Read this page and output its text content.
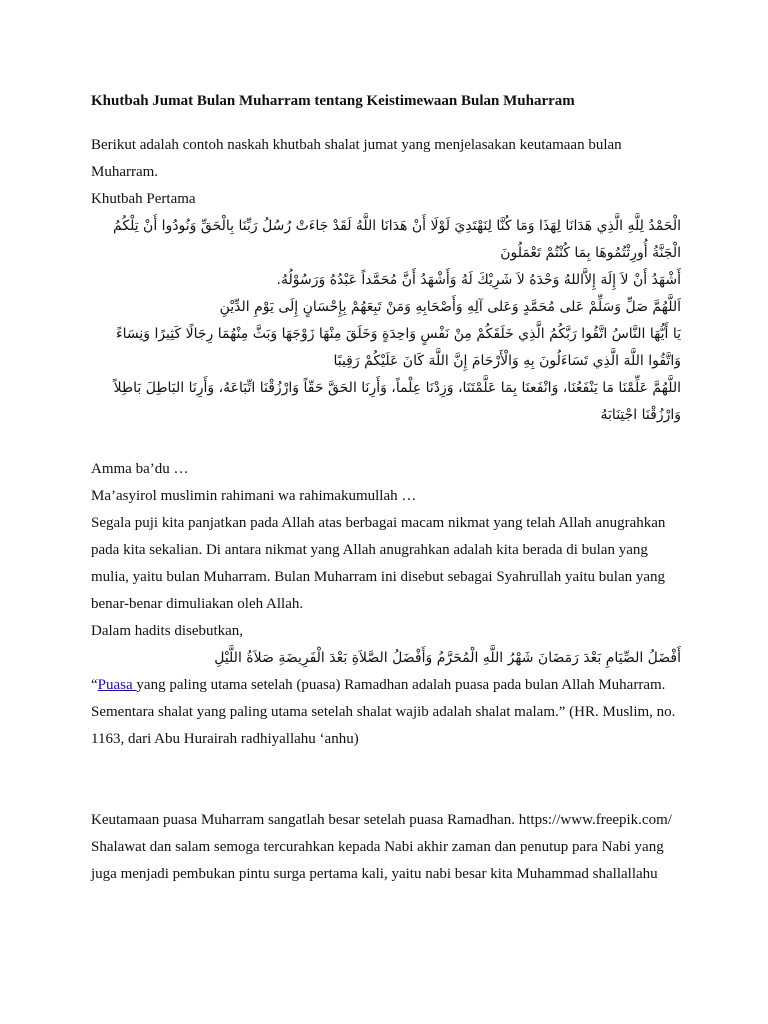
Khutbah Jumat Bulan Muharram tentang Keistimewaan Bulan Muharram

Berikut adalah contoh naskah khutbah shalat jumat yang menjelasakan keutamaan bulan Muharram.

Khutbah Pertama

الْحَمْدُ لِلَّهِ الَّذِي هَدَانَا لِهَذَا وَمَا كُنَّا لِنَهْتَدِيَ لَوْلَا أَنْ هَدَانَا اللَّهُ لَقَدْ جَاءَتْ رُسُلُ رَبِّنَا بِالْحَقِّ وَنُودُوا أَنْ تِلْكُمُ الْجَنَّةُ أُورِثْتُمُوهَا بِمَا كُنْتُمْ تَعْمَلُونَ

أَشْهَدُ أَنْ لاَ إِلَهَ إِلاَّاللهُ وَحْدَهُ لاَ شَرِيْكَ لَهُ وَأَشْهَدُ أَنَّ مُحَمَّداً عَبْدُهُ وَرَسُوْلُهُ.

اَللَّهُمَّ صَلِّ وَسَلِّمْ عَلى مُحَمَّدٍ وَعَلى آلِهِ وَأَصْحَابِهِ وَمَنْ تَبِعَهُمْ بِإِحْسَانٍ إِلَى يَوْمِ الدِّيْنِ

يَا أَيُّهَا النَّاسُ اتَّقُوا رَبَّكُمُ الَّذِي خَلَقَكُمْ مِنْ نَفْسٍ وَاحِدَةٍ وَخَلَقَ مِنْهَا زَوْجَهَا وَبَثَّ مِنْهُمَا رِجَالًا كَثِيرًا وَنِسَاءً وَاتَّقُوا اللَّهَ الَّذِي تَسَاءَلُونَ بِهِ وَالْأَرْحَامَ إِنَّ اللَّهَ كَانَ عَلَيْكُمْ رَقِيبًا

اللَّهُمَّ عَلِّمْنَا مَا يَنْفَعُنَا، وَانْفَعنَا بِمَا عَلَّمْتَنَا، وَزِدْنَا عِلْماً، وَأَرِنَا الحَقَّ حَقّاً وَارْزُقْنَا اتِّبَاعَهُ، وَأَرِنَا البَاطِلَ بَاطِلاً وَارْزُقْنَا اجْتِنَابَهُ

Amma ba’du …

Ma’asyirol muslimin rahimani wa rahimakumullah …

Segala puji kita panjatkan pada Allah atas berbagai macam nikmat yang telah Allah anugrahkan pada kita sekalian. Di antara nikmat yang Allah anugrahkan adalah kita berada di bulan yang mulia, yaitu bulan Muharram. Bulan Muharram ini disebut sebagai Syahrullah yaitu bulan yang benar-benar dimuliakan oleh Allah.

Dalam hadits disebutkan,

أَفْضَلُ الصِّيَامِ بَعْدَ رَمَضَانَ شَهْرُ اللَّهِ الْمُحَرَّمُ وَأَفْضَلُ الصَّلاَةِ بَعْدَ الْفَرِيضَةِ صَلاَةُ اللَّيْلِ

“Puasa yang paling utama setelah (puasa) Ramadhan adalah puasa pada bulan Allah Muharram. Sementara shalat yang paling utama setelah shalat wajib adalah shalat malam.” (HR. Muslim, no. 1163, dari Abu Hurairah radhiyallahu ‘anhu)

Keutamaan puasa Muharram sangatlah besar setelah puasa Ramadhan. https://www.freepik.com/

Shalawat dan salam semoga tercurahkan kepada Nabi akhir zaman dan penutup para Nabi yang juga menjadi pembukan pintu surga pertama kali, yaitu nabi besar kita Muhammad shallallahu
